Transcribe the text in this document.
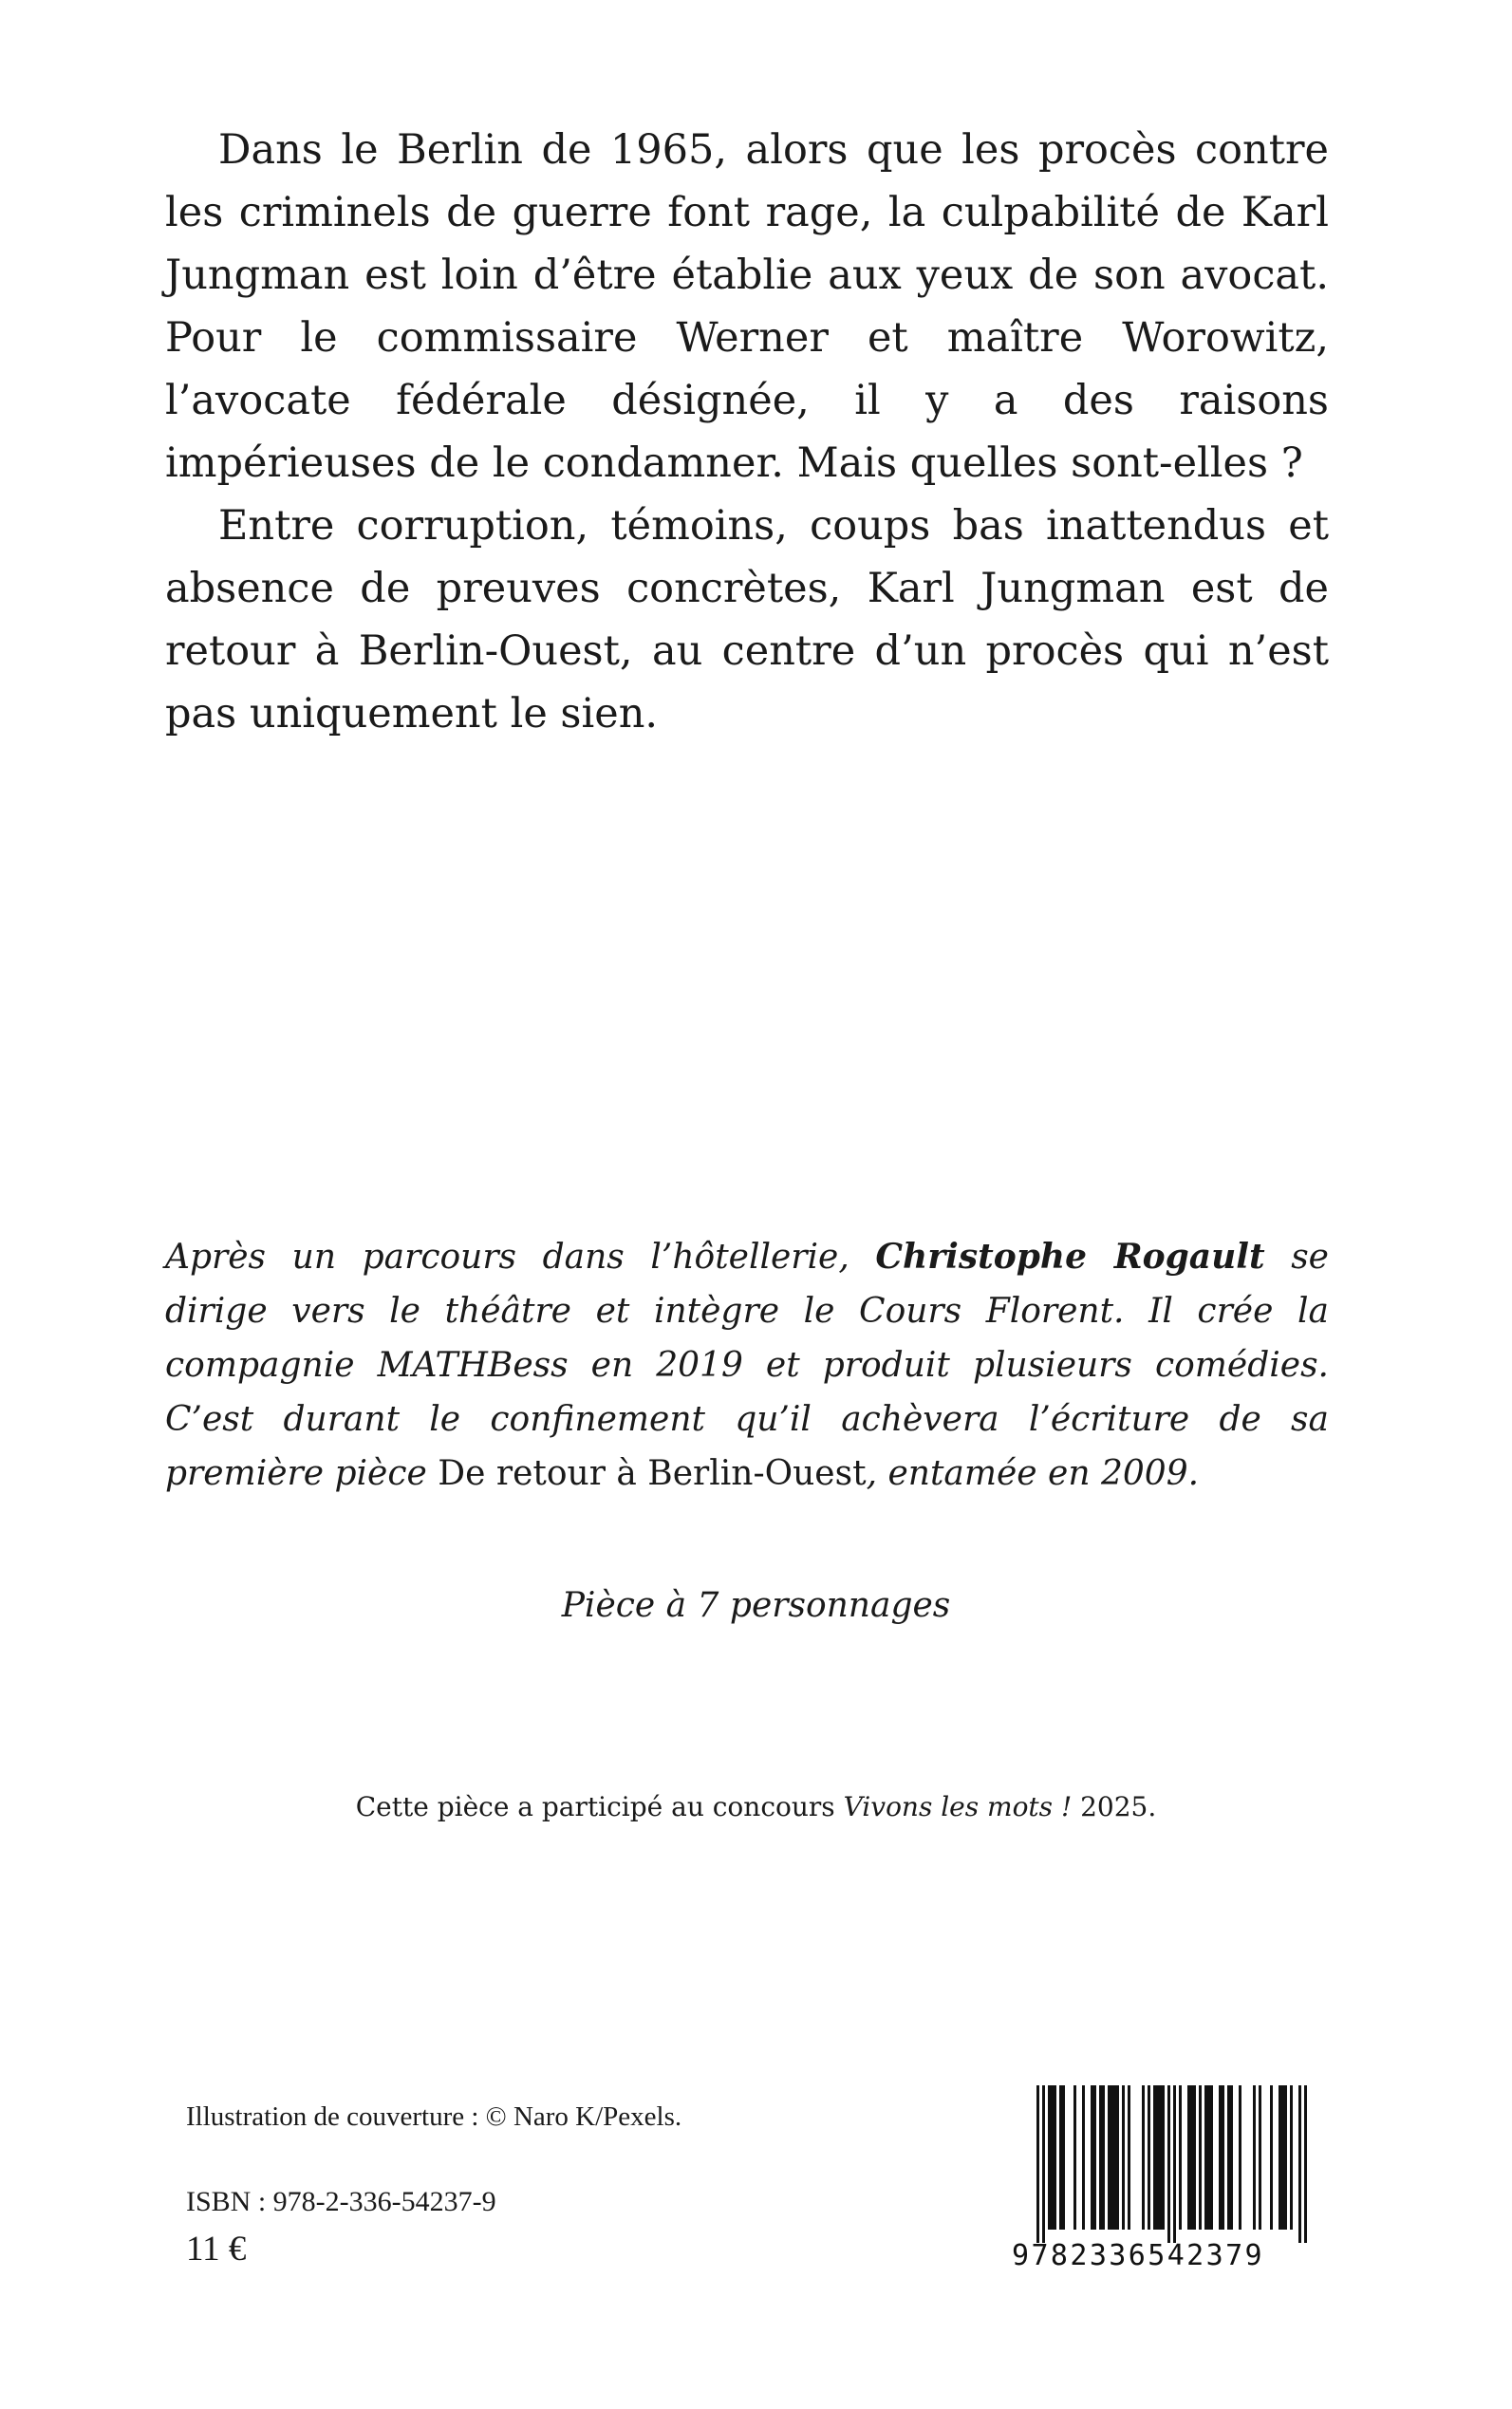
Dans le Berlin de 1965, alors que les procès contre les criminels de guerre font rage, la culpabilité de Karl Jungman est loin d’être établie aux yeux de son avocat. Pour le commissaire Werner et maître Worowitz, l’avocate fédérale désignée, il y a des raisons impérieuses de le condamner. Mais quelles sont-elles ?

Entre corruption, témoins, coups bas inattendus et absence de preuves concrètes, Karl Jungman est de retour à Berlin-Ouest, au centre d’un procès qui n’est pas uniquement le sien.

Après un parcours dans l’hôtellerie, Christophe Rogault se dirige vers le théâtre et intègre le Cours Florent. Il crée la compagnie MATHBess en 2019 et produit plusieurs comédies. C’est durant le confinement qu’il achèvera l’écriture de sa première pièce De retour à Berlin-Ouest, entamée en 2009.

Pièce à 7 personnages
Cette pièce a participé au concours Vivons les mots ! 2025.
Illustration de couverture : © Naro K/Pexels.
ISBN : 978-2-336-54237-9
11 €	9782336542379
